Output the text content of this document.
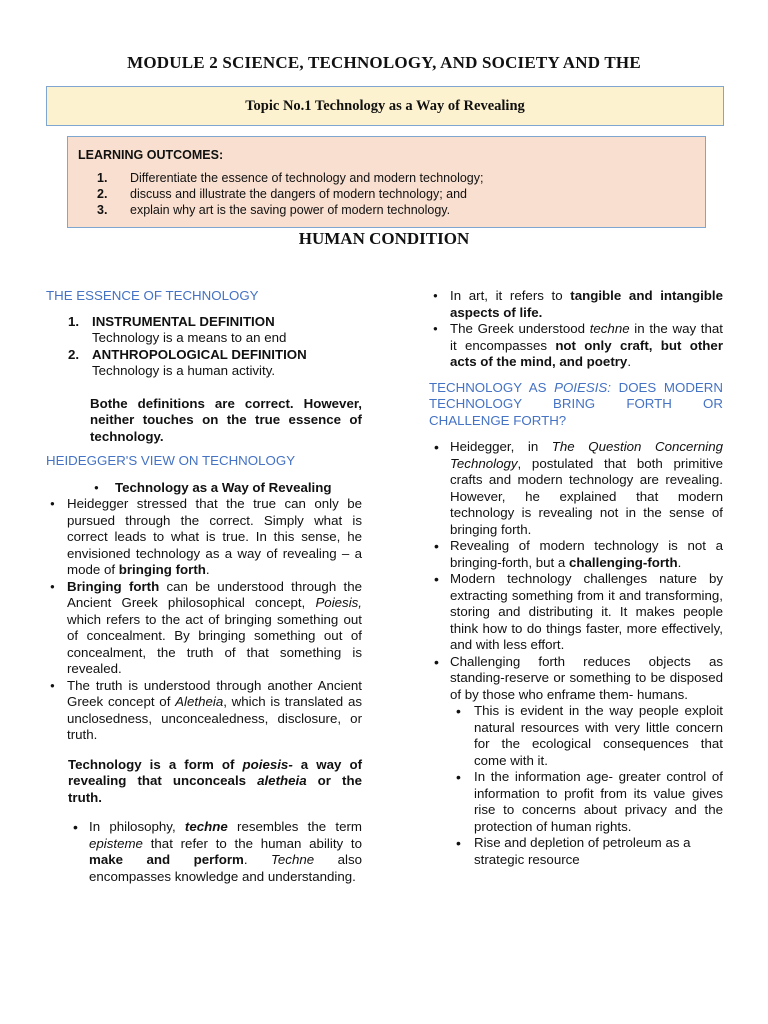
MODULE 2 SCIENCE, TECHNOLOGY, AND SOCIETY AND THE
Topic No.1 Technology as a Way of Revealing
LEARNING OUTCOMES:
1.	Differentiate the essence of technology and modern technology;
2.	discuss and illustrate the dangers of modern technology; and
3.	explain why art is the saving power of modern technology.
HUMAN CONDITION
THE ESSENCE OF TECHNOLOGY
1. INSTRUMENTAL DEFINITION
Technology is a means to an end
2. ANTHROPOLOGICAL DEFINITION
Technology is a human activity.
Bothe definitions are correct. However, neither touches on the true essence of technology.
HEIDEGGER'S VIEW ON TECHNOLOGY
● Technology as a Way of Revealing
● Heidegger stressed that the true can only be pursued through the correct. Simply what is correct leads to what is true. In this sense, he envisioned technology as a way of revealing – a mode of bringing forth.
● Bringing forth can be understood through the Ancient Greek philosophical concept, Poiesis, which refers to the act of bringing something out of concealment. By bringing something out of concealment, the truth of that something is revealed.
● The truth is understood through another Ancient Greek concept of Aletheia, which is translated as unclosedness, unconcealedness, disclosure, or truth.
Technology is a form of poiesis- a way of revealing that unconceals aletheia or the truth.
• In philosophy, techne resembles the term episteme that refer to the human ability to make and perform. Techne also encompasses knowledge and understanding.
● In art, it refers to tangible and intangible aspects of life.
● The Greek understood techne in the way that it encompasses not only craft, but other acts of the mind, and poetry.
TECHNOLOGY AS POIESIS: DOES MODERN TECHNOLOGY BRING FORTH OR CHALLENGE FORTH?
• Heidegger, in The Question Concerning Technology, postulated that both primitive crafts and modern technology are revealing. However, he explained that modern technology is revealing not in the sense of bringing forth.
• Revealing of modern technology is not a bringing-forth, but a challenging-forth.
• Modern technology challenges nature by extracting something from it and transforming, storing and distributing it. It makes people think how to do things faster, more effectively, and with less effort.
• Challenging forth reduces objects as standing-reserve or something to be disposed of by those who enframe them- humans.
• This is evident in the way people exploit natural resources with very little concern for the ecological consequences that come with it.
• In the information age- greater control of information to profit from its value gives rise to concerns about privacy and the protection of human rights.
• Rise and depletion of petroleum as a strategic resource
